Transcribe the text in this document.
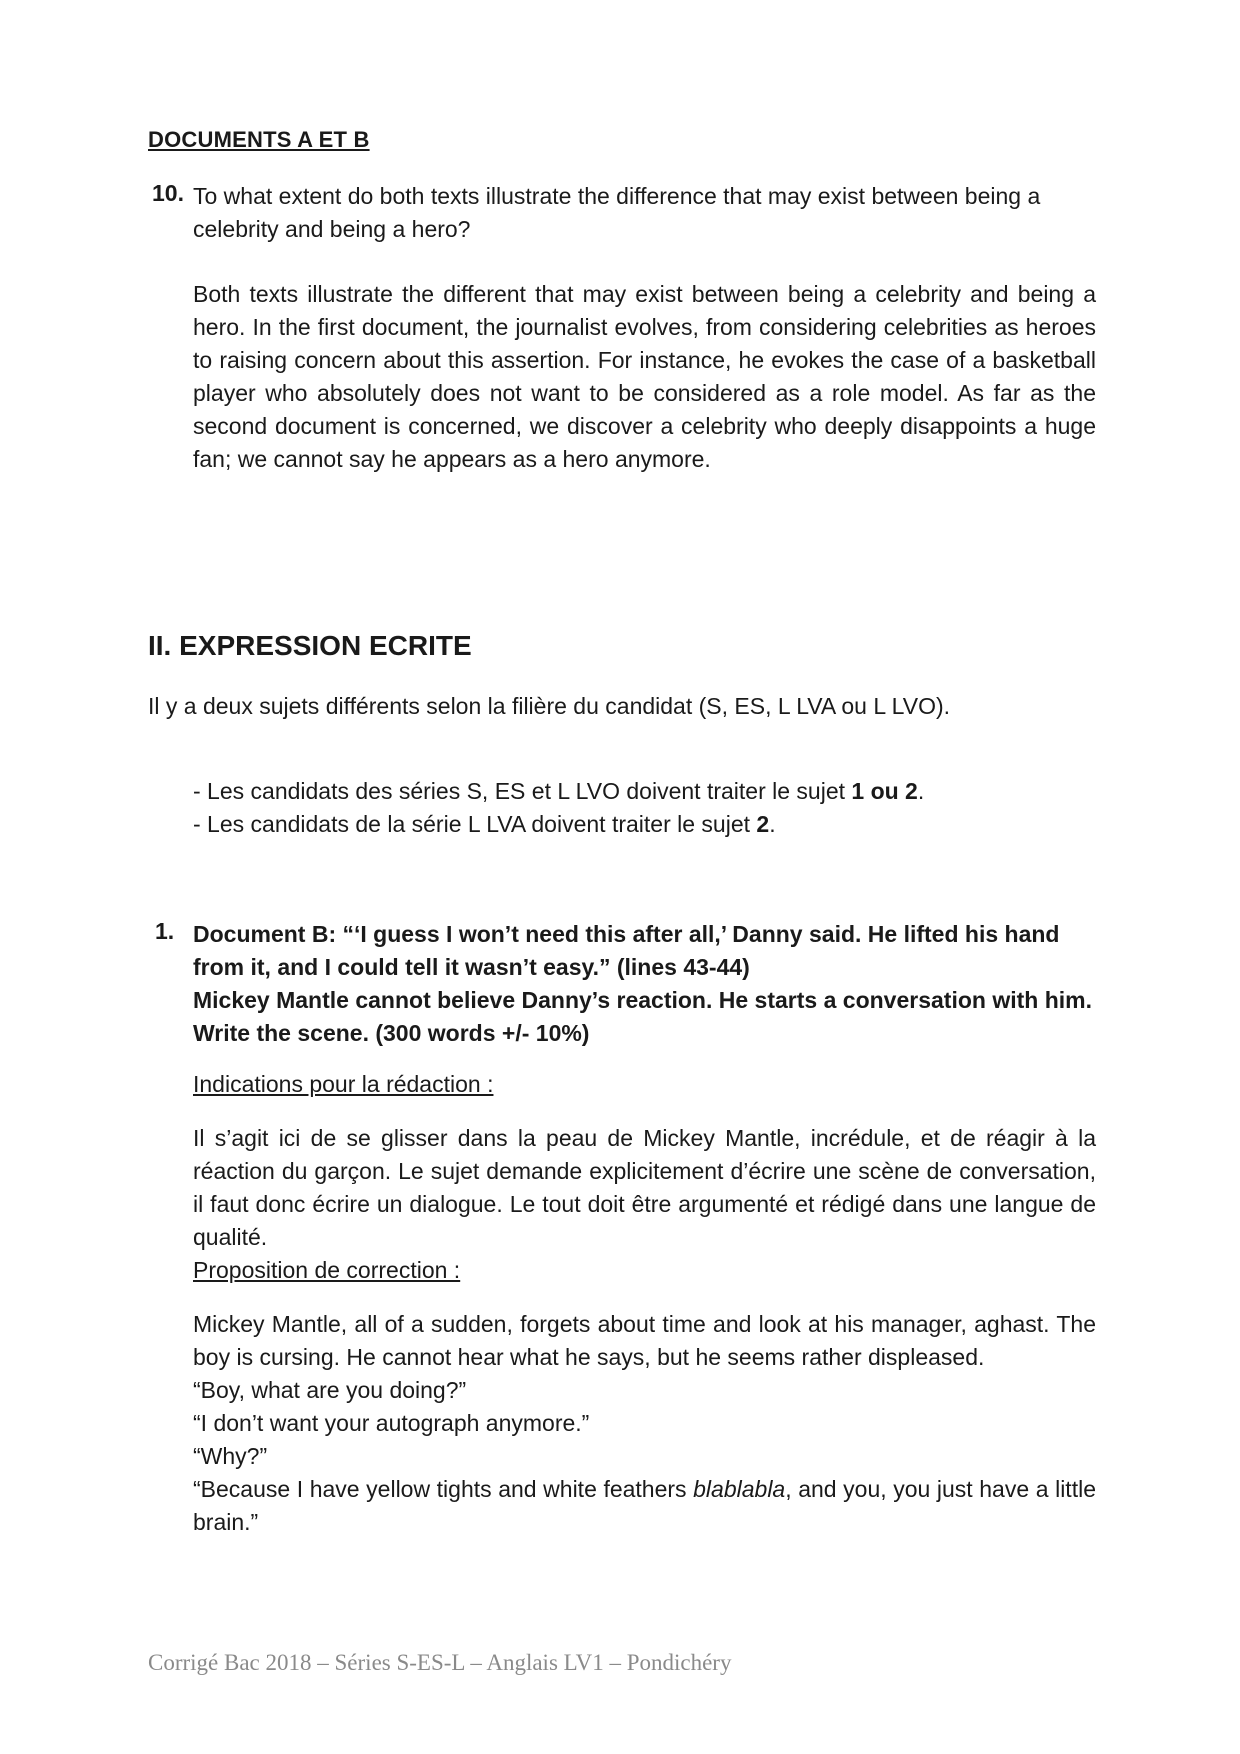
DOCUMENTS A ET B
10. To what extent do both texts illustrate the difference that may exist between being a celebrity and being a hero?
Both texts illustrate the different that may exist between being a celebrity and being a hero. In the first document, the journalist evolves, from considering celebrities as heroes to raising concern about this assertion. For instance, he evokes the case of a basketball player who absolutely does not want to be considered as a role model. As far as the second document is concerned, we discover a celebrity who deeply disappoints a huge fan; we cannot say he appears as a hero anymore.
II. EXPRESSION ECRITE
Il y a deux sujets différents selon la filière du candidat (S, ES, L LVA ou L LVO).
- Les candidats des séries S, ES et L LVO doivent traiter le sujet 1 ou 2.
- Les candidats de la série L LVA doivent traiter le sujet 2.
1. Document B: “‘I guess I won’t need this after all,’ Danny said. He lifted his hand from it, and I could tell it wasn’t easy.” (lines 43-44)
Mickey Mantle cannot believe Danny’s reaction. He starts a conversation with him. Write the scene. (300 words +/- 10%)
Indications pour la rédaction :
Il s’agit ici de se glisser dans la peau de Mickey Mantle, incrédule, et de réagir à la réaction du garçon. Le sujet demande explicitement d’écrire une scène de conversation, il faut donc écrire un dialogue. Le tout doit être argumenté et rédigé dans une langue de qualité.
Proposition de correction :
Mickey Mantle, all of a sudden, forgets about time and look at his manager, aghast. The boy is cursing. He cannot hear what he says, but he seems rather displeased.
“Boy, what are you doing?”
“I don’t want your autograph anymore.”
“Why?”
“Because I have yellow tights and white feathers blablabla, and you, you just have a little brain.”
Corrigé Bac 2018 – Séries S-ES-L – Anglais LV1 – Pondichéry
